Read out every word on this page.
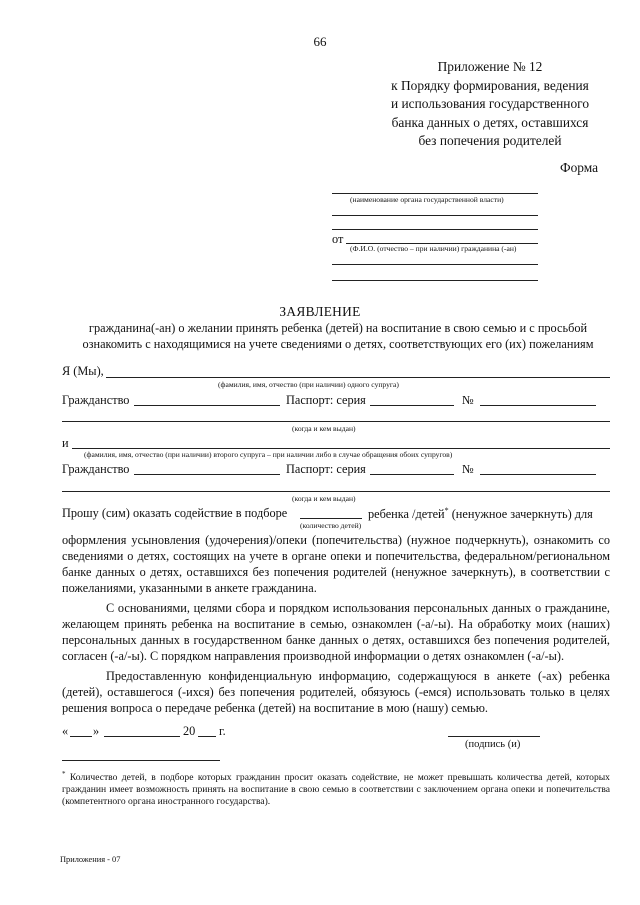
66
Приложение № 12
к Порядку формирования, ведения
и использования государственного
банка данных о детях, оставшихся
без попечения родителей
Форма
(наименование органа государственной власти)
от
(Ф.И.О. (отчество – при наличии) гражданина (-ан)
ЗАЯВЛЕНИЕ
гражданина(-ан) о желании принять ребенка (детей) на воспитание в свою семью и с просьбой ознакомить с находящимися на учете сведениями о детях, соответствующих его (их) пожеланиям
Я (Мы),
(фамилия, имя, отчество (при наличии) одного супруга)
Гражданство	Паспорт: серия	№
(когда и кем выдан)
и
(фамилия, имя, отчество (при наличии) второго супруга – при наличии либо в случае обращения обоих супругов)
Гражданство	Паспорт: серия	№
(когда и кем выдан)
Прошу (сим) оказать содействие в подборе
(количество детей)
ребенка /детей* (ненужное зачеркнуть) для
оформления усыновления (удочерения)/опеки (попечительства) (нужное подчеркнуть), ознакомить со сведениями о детях, состоящих на учете в органе опеки и попечительства, федеральном/региональном банке данных о детях, оставшихся без попечения родителей (ненужное зачеркнуть), в соответствии с пожеланиями, указанными в анкете гражданина.
С основаниями, целями сбора и порядком использования персональных данных о гражданине, желающем принять ребенка на воспитание в семью, ознакомлен (-а/-ы). На обработку моих (наших) персональных данных в государственном банке данных о детях, оставшихся без попечения родителей, согласен (-а/-ы). С порядком направления производной информации о детях ознакомлен (-а/-ы).
Предоставленную конфиденциальную информацию, содержащуюся в анкете (-ах) ребенка (детей), оставшегося (-ихся) без попечения родителей, обязуюсь (-емся) использовать только в целях решения вопроса о передаче ребенка (детей) на воспитание в мою (нашу) семью.
« »	20 г.
(подпись (и)
* Количество детей, в подборе которых гражданин просит оказать содействие, не может превышать количества детей, которых гражданин имеет возможность принять на воспитание в свою семью в соответствии с заключением органа опеки и попечительства (компетентного органа иностранного государства).
Приложения - 07
